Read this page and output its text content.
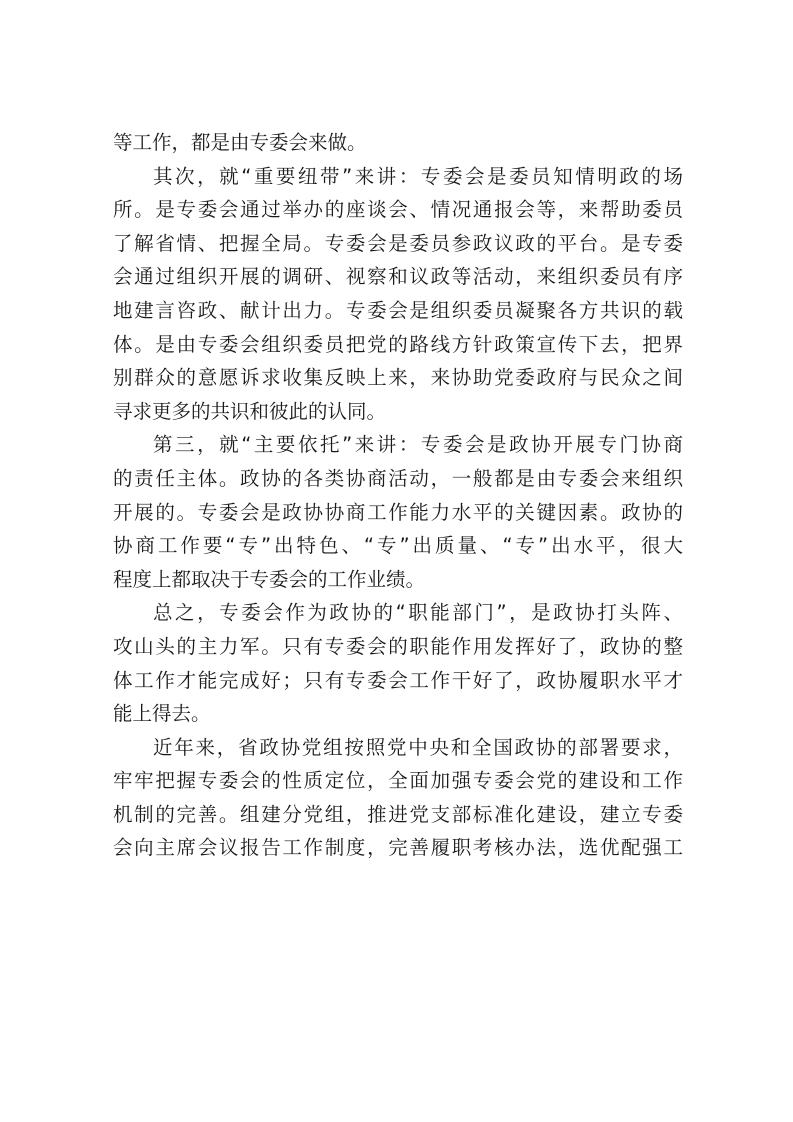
等工作，都是由专委会来做。
其次，就“重要纽带”来讲：专委会是委员知情明政的场
所。是专委会通过举办的座谈会、情况通报会等，来帮助委员
了解省情、把握全局。专委会是委员参政议政的平台。是专委
会通过组织开展的调研、视察和议政等活动，来组织委员有序
地建言咨政、献计出力。专委会是组织委员凝聚各方共识的载
体。是由专委会组织委员把党的路线方针政策宣传下去，把界
别群众的意愿诉求收集反映上来，来协助党委政府与民众之间
寻求更多的共识和彼此的认同。
第三，就“主要依托”来讲：专委会是政协开展专门协商
的责任主体。政协的各类协商活动，一般都是由专委会来组织
开展的。专委会是政协协商工作能力水平的关键因素。政协的
协商工作要“专”出特色、“专”出质量、“专”出水平，很大
程度上都取决于专委会的工作业绩。
总之，专委会作为政协的“职能部门”，是政协打头阵、
攻山头的主力军。只有专委会的职能作用发挥好了，政协的整
体工作才能完成好；只有专委会工作干好了，政协履职水平才
能上得去。
近年来，省政协党组按照党中央和全国政协的部署要求，
牢牢把握专委会的性质定位，全面加强专委会党的建设和工作
机制的完善。组建分党组，推进党支部标准化建设，建立专委
会向主席会议报告工作制度，完善履职考核办法，选优配强工
